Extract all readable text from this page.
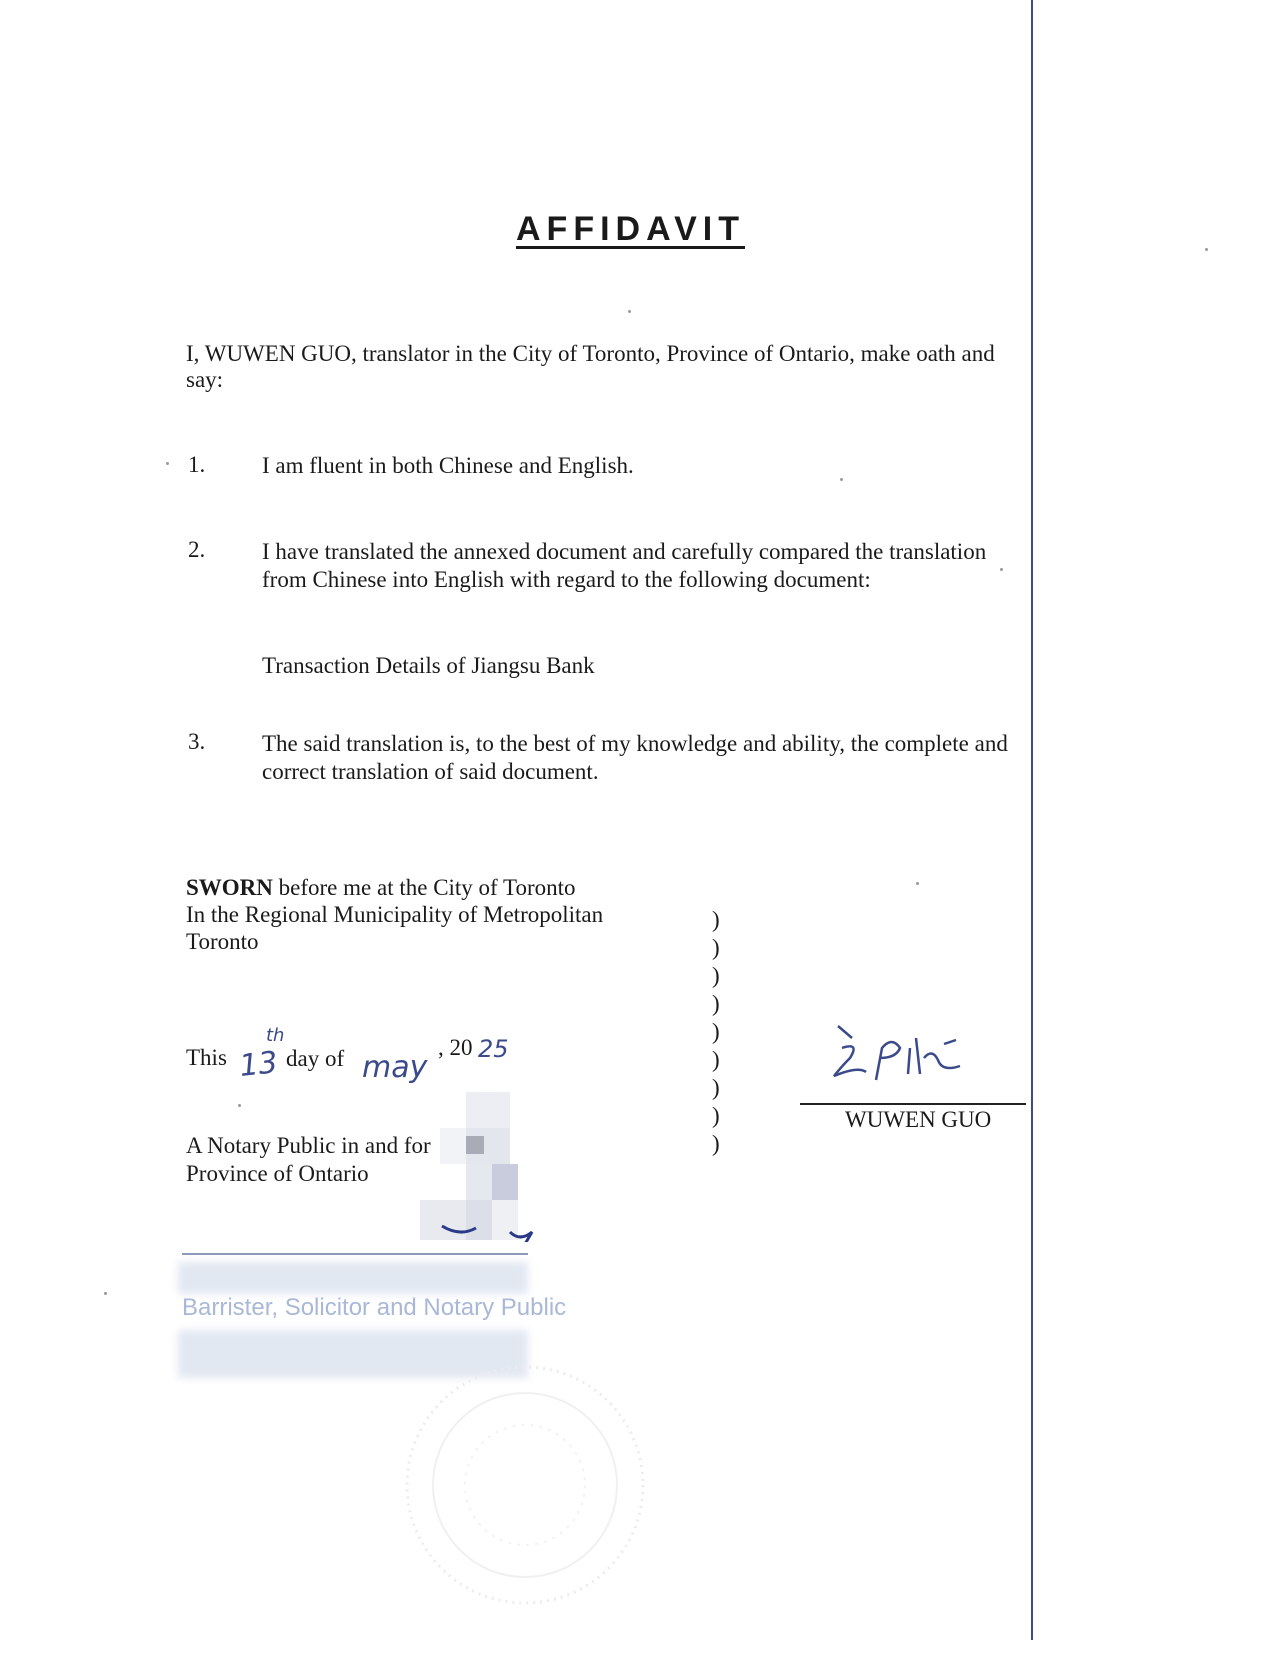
AFFIDAVIT
I, WUWEN GUO, translator in the City of Toronto, Province of Ontario, make oath and
say:
1. I am fluent in both Chinese and English.
2. I have translated the annexed document and carefully compared the translation
from Chinese into English with regard to the following document:
Transaction Details of Jiangsu Bank
3. The said translation is, to the best of my knowledge and ability, the complete and
correct translation of said document.
SWORN before me at the City of Toronto
In the Regional Municipality of Metropolitan
Toronto
)
)
)
)
)
)
)
)
)
This	day of
13
th
may
, 20 25
A Notary Public in and for
Province of Ontario
Barrister, Solicitor and Notary Public
WUWEN GUO
